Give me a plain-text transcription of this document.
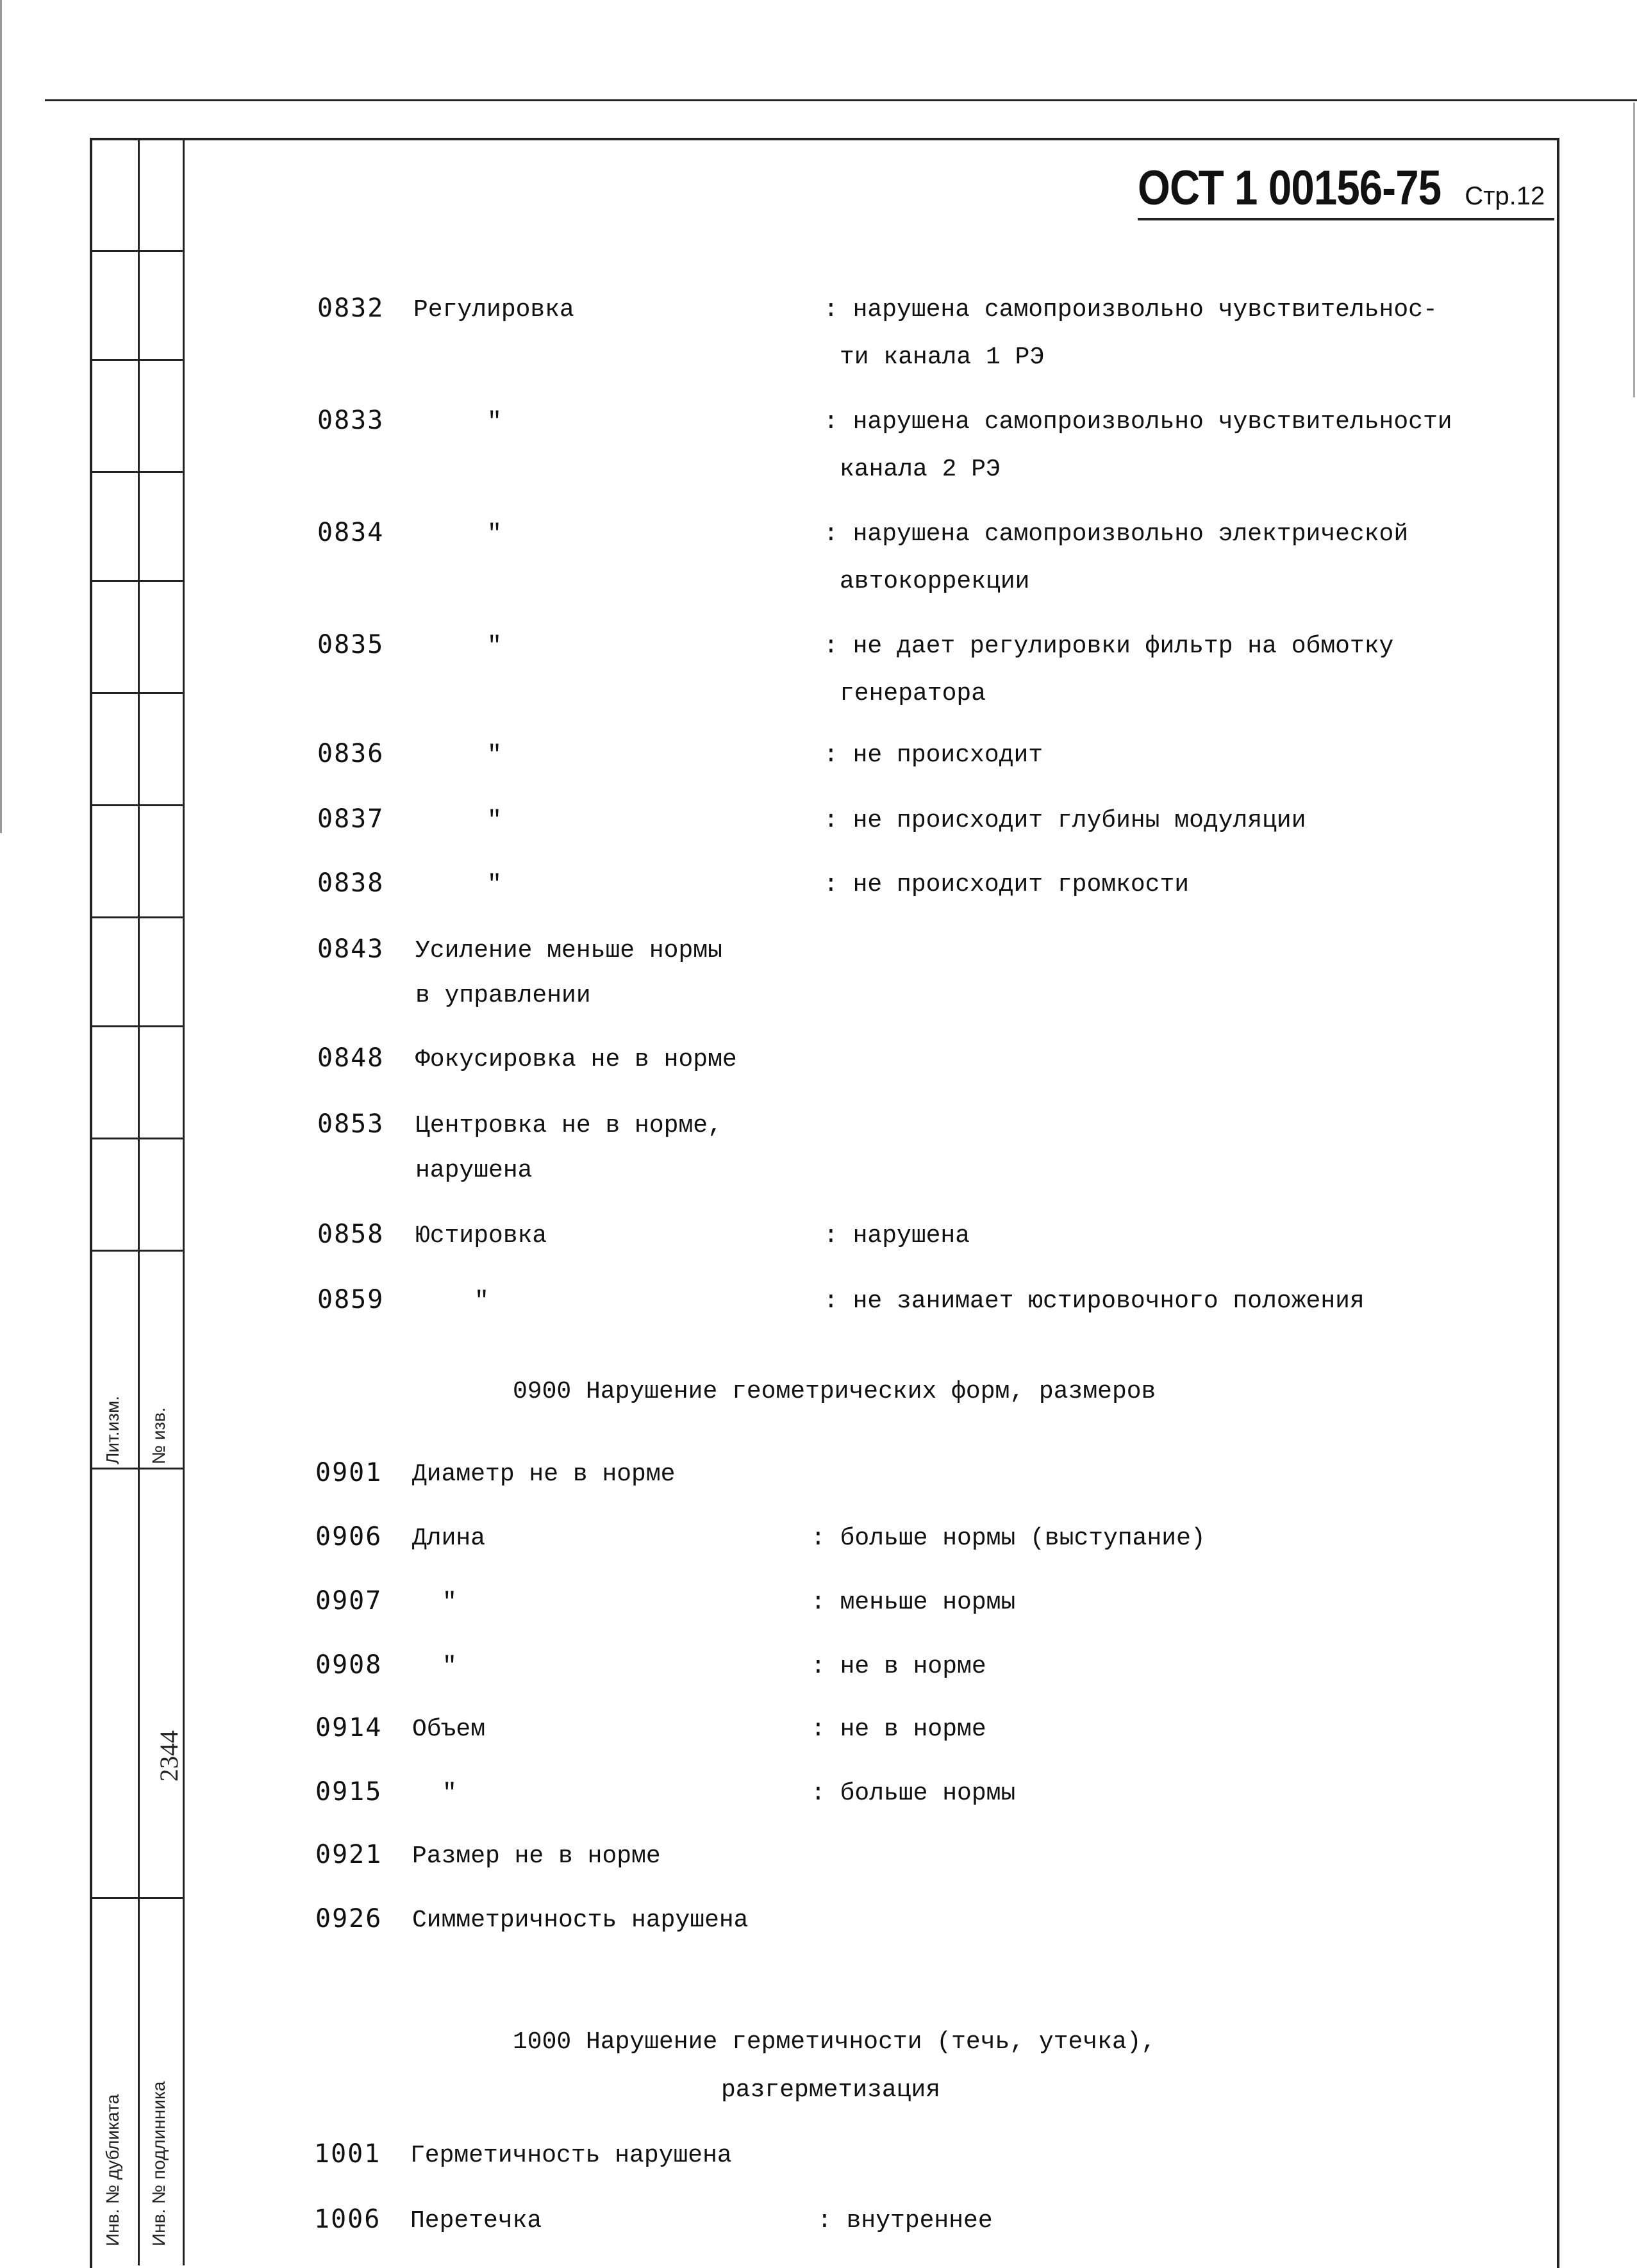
Лит.изм. № изв.
2344
Инв. № дубликата Инв. № подлинника
ОСТ 1 00156-75 Стр.12
0832 Регулировка	: нарушена самопроизвольно чувствительнос-
ти канала 1 РЭ
0833	″	: нарушена самопроизвольно чувствительности
канала 2 РЭ
0834	″	: нарушена самопроизвольно электрической
автокоррекции
0835	″	: не дает регулировки фильтр на обмотку
генератора
0836	″	: не происходит
0837	″	: не происходит глубины модуляции
0838	″	: не происходит громкости
0843 Усиление меньше нормы
в управлении
0848 Фокусировка не в норме
0853 Центровка не в норме,
нарушена
0858 Юстировка	: нарушена
0859	″	: не занимает юстировочного положения
0900 Нарушение геометрических форм, размеров
0901 Диаметр не в норме
0906 Длина	: больше нормы (выступание)
0907 ″	: меньше нормы
0908 ″	: не в норме
0914 Объем	: не в норме
0915 ″	: больше нормы
0921 Размер не в норме
0926 Симметричность нарушена
1000 Нарушение герметичности (течь, утечка),
разгерметизация
1001 Герметичность нарушена
1006 Перетечка	: внутреннее
